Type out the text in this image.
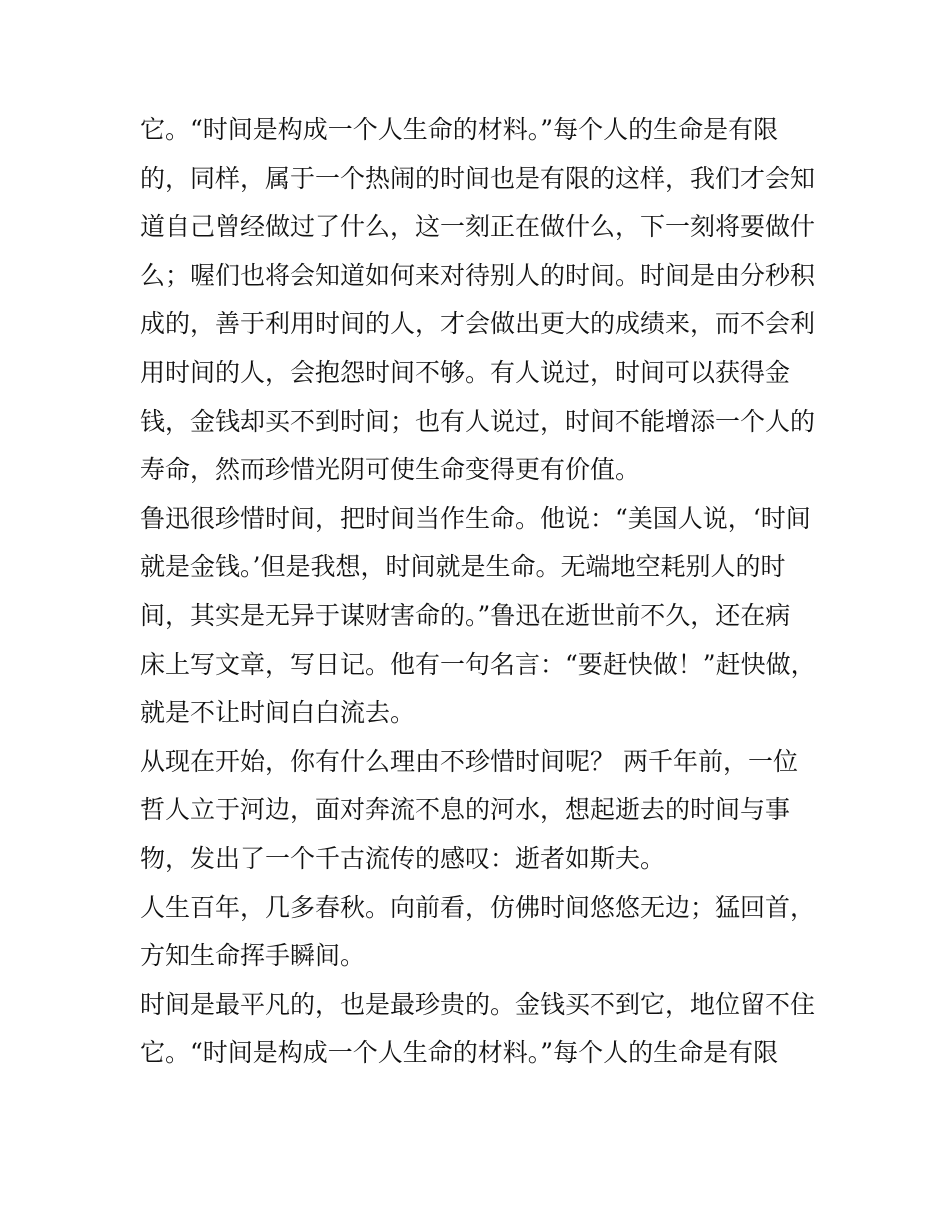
它。“时间是构成一个人生命的材料。”每个人的生命是有限
的，同样，属于一个热闹的时间也是有限的这样，我们才会知
道自己曾经做过了什么，这一刻正在做什么，下一刻将要做什
么；喔们也将会知道如何来对待别人的时间。时间是由分秒积
成的，善于利用时间的人，才会做出更大的成绩来，而不会利
用时间的人，会抱怨时间不够。有人说过，时间可以获得金
钱，金钱却买不到时间；也有人说过，时间不能增添一个人的
寿命，然而珍惜光阴可使生命变得更有价值。
鲁迅很珍惜时间，把时间当作生命。他说：“美国人说，‘时间
就是金钱。’但是我想，时间就是生命。无端地空耗别人的时
间，其实是无异于谋财害命的。”鲁迅在逝世前不久，还在病
床上写文章，写日记。他有一句名言：“要赶快做！”赶快做，
就是不让时间白白流去。
从现在开始，你有什么理由不珍惜时间呢？ 两千年前，一位
哲人立于河边，面对奔流不息的河水，想起逝去的时间与事
物，发出了一个千古流传的感叹：逝者如斯夫。
人生百年，几多春秋。向前看，仿佛时间悠悠无边；猛回首，
方知生命挥手瞬间。
时间是最平凡的，也是最珍贵的。金钱买不到它，地位留不住
它。“时间是构成一个人生命的材料。”每个人的生命是有限
